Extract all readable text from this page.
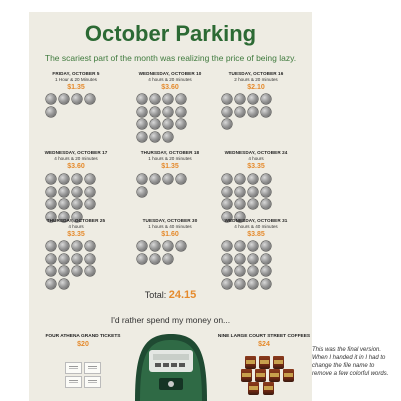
October Parking
The scariest part of the month was realizing the price of being lazy.
FRIDAY, OCTOBER 5
1 Hour & 20 Minutes
$1.35
WEDNESDAY, OCTOBER 10
4 hours & 20 minutes
$3.60
TUESDAY, OCTOBER 16
2 hours & 20 minutes
$2.10
WEDNESDAY, OCTOBER 17
4 hours & 20 minutes
$3.60
THURSDAY, OCTOBER 18
1 hours & 20 minutes
$1.35
WEDNESDAY, OCTOBER 24
4 hours
$3.35
THURSDAY, OCTOBER 25
4 hours
$3.35
TUESDAY, OCTOBER 30
1 hours & 40 minutes
$1.60
WEDNESDAY, OCTOBER 31
4 hours & 40 minutes
$3.85
Total: 24.15
I'd rather spend my money on...
FOUR ATHENA GRAND TICKETS
$20
NINE LARGE COURT STREET COFFEES
$24
This was the final version. When I handed it in I had to change the file name to remove a few colorful words.
